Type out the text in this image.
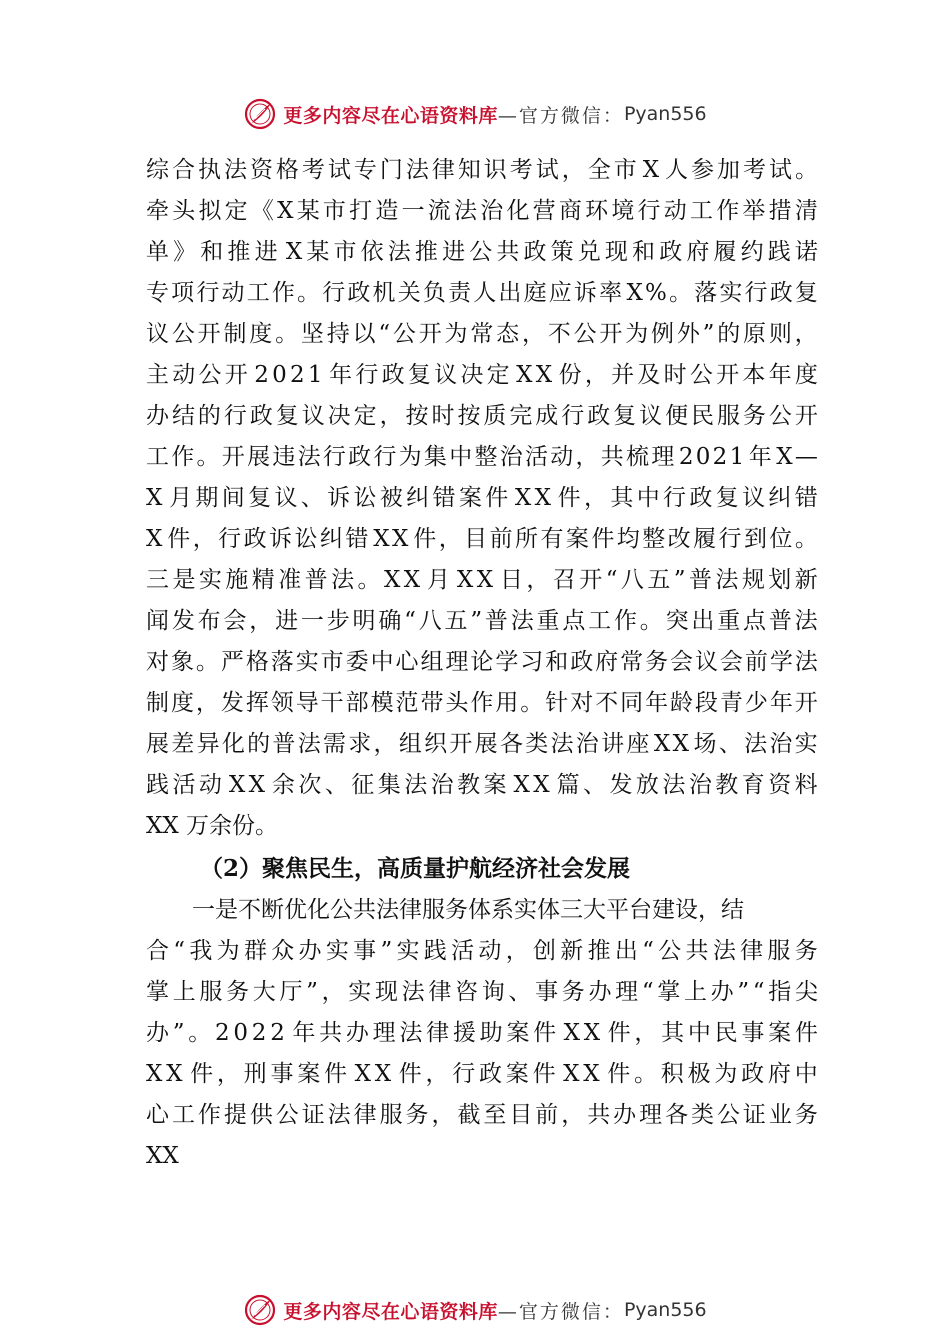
更多内容尽在心语资料库 —官方微信： Pyan556
综 合 执 法 资 格 考 试 专 门 法 律 知 识 考 试 ， 全 市 X 人 参 加 考 试 。
牵 头 拟 定 《 X 某 市 打 造 一 流 法 治 化 营 商 环 境 行 动 工 作 举 措 清
单 》 和 推 进 X 某 市 依 法 推 进 公 共 政 策 兑 现 和 政 府 履 约 践 诺
专 项 行 动 工 作 。 行 政 机 关 负 责 人 出 庭 应 诉 率 X % 。 落 实 行 政 复
议 公 开 制 度 。 坚 持 以 “ 公 开 为 常 态 ， 不 公 开 为 例 外 ” 的 原 则 ，
主 动 公 开 2 0 2 1 年 行 政 复 议 决 定 X X 份 ， 并 及 时 公 开 本 年 度
办 结 的 行 政 复 议 决 定 ， 按 时 按 质 完 成 行 政 复 议 便 民 服 务 公 开
工 作 。 开 展 违 法 行 政 行 为 集 中 整 治 活 动 ， 共 梳 理 2 0 2 1 年 X —
X 月 期 间 复 议 、 诉 讼 被 纠 错 案 件 X X 件 ， 其 中 行 政 复 议 纠 错
X 件 ， 行 政 诉 讼 纠 错 X X 件 ， 目 前 所 有 案 件 均 整 改 履 行 到 位 。
三 是 实 施 精 准 普 法 。 X X 月 X X 日 ， 召 开 “ 八 五 ” 普 法 规 划 新
闻 发 布 会 ， 进 一 步 明 确 “ 八 五 ” 普 法 重 点 工 作 。 突 出 重 点 普 法
对 象 。 严 格 落 实 市 委 中 心 组 理 论 学 习 和 政 府 常 务 会 议 会 前 学 法
制 度 ， 发 挥 领 导 干 部 模 范 带 头 作 用 。 针 对 不 同 年 龄 段 青 少 年 开
展 差 异 化 的 普 法 需 求 ， 组 织 开 展 各 类 法 治 讲 座 X X 场 、 法 治 实
践 活 动 X X 余 次 、 征 集 法 治 教 案 X X 篇 、 发 放 法 治 教 育 资 料
XX 万余份。
（2）聚焦民生，高质量护航经济社会发展
　　一是不断优化公共法律服务体系实体三大平台建设，结
合 “ 我 为 群 众 办 实 事 ” 实 践 活 动 ， 创 新 推 出 “ 公 共 法 律 服 务
掌 上 服 务 大 厅 ” ， 实 现 法 律 咨 询 、 事 务 办 理 “ 掌 上 办 ” “ 指 尖
办 ” 。 2 0 2 2 年 共 办 理 法 律 援 助 案 件 X X 件 ， 其 中 民 事 案 件
X X 件 ， 刑 事 案 件 X X 件 ， 行 政 案 件 X X 件 。 积 极 为 政 府 中
心 工 作 提 供 公 证 法 律 服 务 ， 截 至 目 前 ， 共 办 理 各 类 公 证 业 务
XX
更多内容尽在心语资料库 —官方微信： Pyan556
